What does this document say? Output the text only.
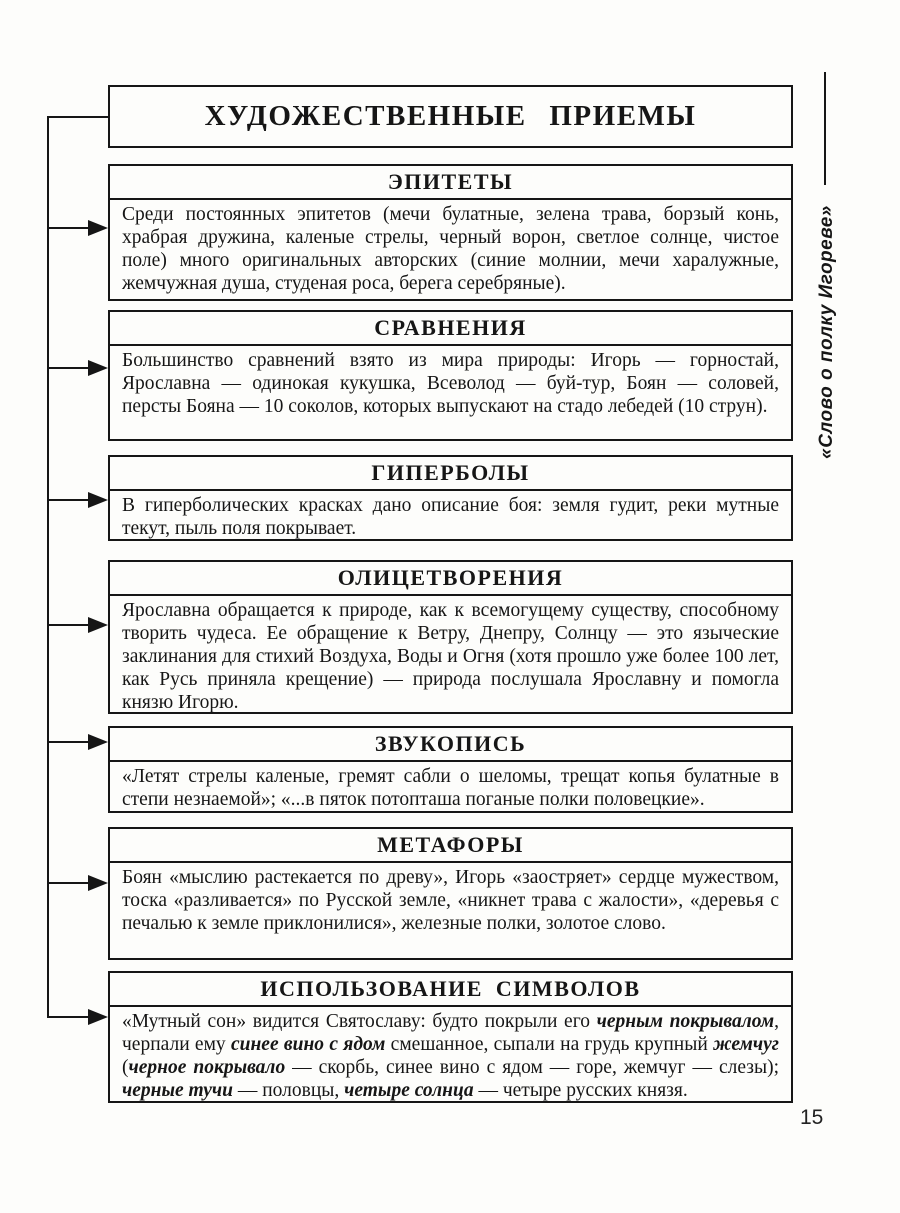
ХУДОЖЕСТВЕННЫЕ ПРИЕМЫ
ЭПИТЕТЫ
Среди постоянных эпитетов (мечи булатные, зелена трава, борзый конь, храбрая дружина, каленые стрелы, черный ворон, светлое солнце, чистое поле) много оригинальных авторских (синие молнии, мечи харалужные, жемчужная душа, студеная роса, берега серебряные).
СРАВНЕНИЯ
Большинство сравнений взято из мира природы: Игорь — горностай, Ярославна — одинокая кукушка, Всеволод — буй-тур, Боян — соловей, персты Бояна — 10 соколов, которых выпускают на стадо лебедей (10 струн).
ГИПЕРБОЛЫ
В гиперболических красках дано описание боя: земля гудит, реки мутные текут, пыль поля покрывает.
ОЛИЦЕТВОРЕНИЯ
Ярославна обращается к природе, как к всемогущему существу, способному творить чудеса. Ее обращение к Ветру, Днепру, Солнцу — это языческие заклинания для стихий Воздуха, Воды и Огня (хотя прошло уже более 100 лет, как Русь приняла крещение) — природа послушала Ярославну и помогла князю Игорю.
ЗВУКОПИСЬ
«Летят стрелы каленые, гремят сабли о шеломы, трещат копья булатные в степи незнаемой»; «...в пяток потопташа поганые полки половецкие».
МЕТАФОРЫ
Боян «мыслию растекается по древу», Игорь «заостряет» сердце мужеством, тоска «разливается» по Русской земле, «никнет трава с жалости», «деревья с печалью к земле приклонилися», железные полки, золотое слово.
ИСПОЛЬЗОВАНИЕ СИМВОЛОВ
«Мутный сон» видится Святославу: будто покрыли его черным покрывалом, черпали ему синее вино с ядом смешанное, сыпали на грудь крупный жемчуг (черное покрывало — скорбь, синее вино с ядом — горе, жемчуг — слезы); черные тучи — половцы, четыре солнца — четыре русских князя.
«Слово о полку Игореве»
15
